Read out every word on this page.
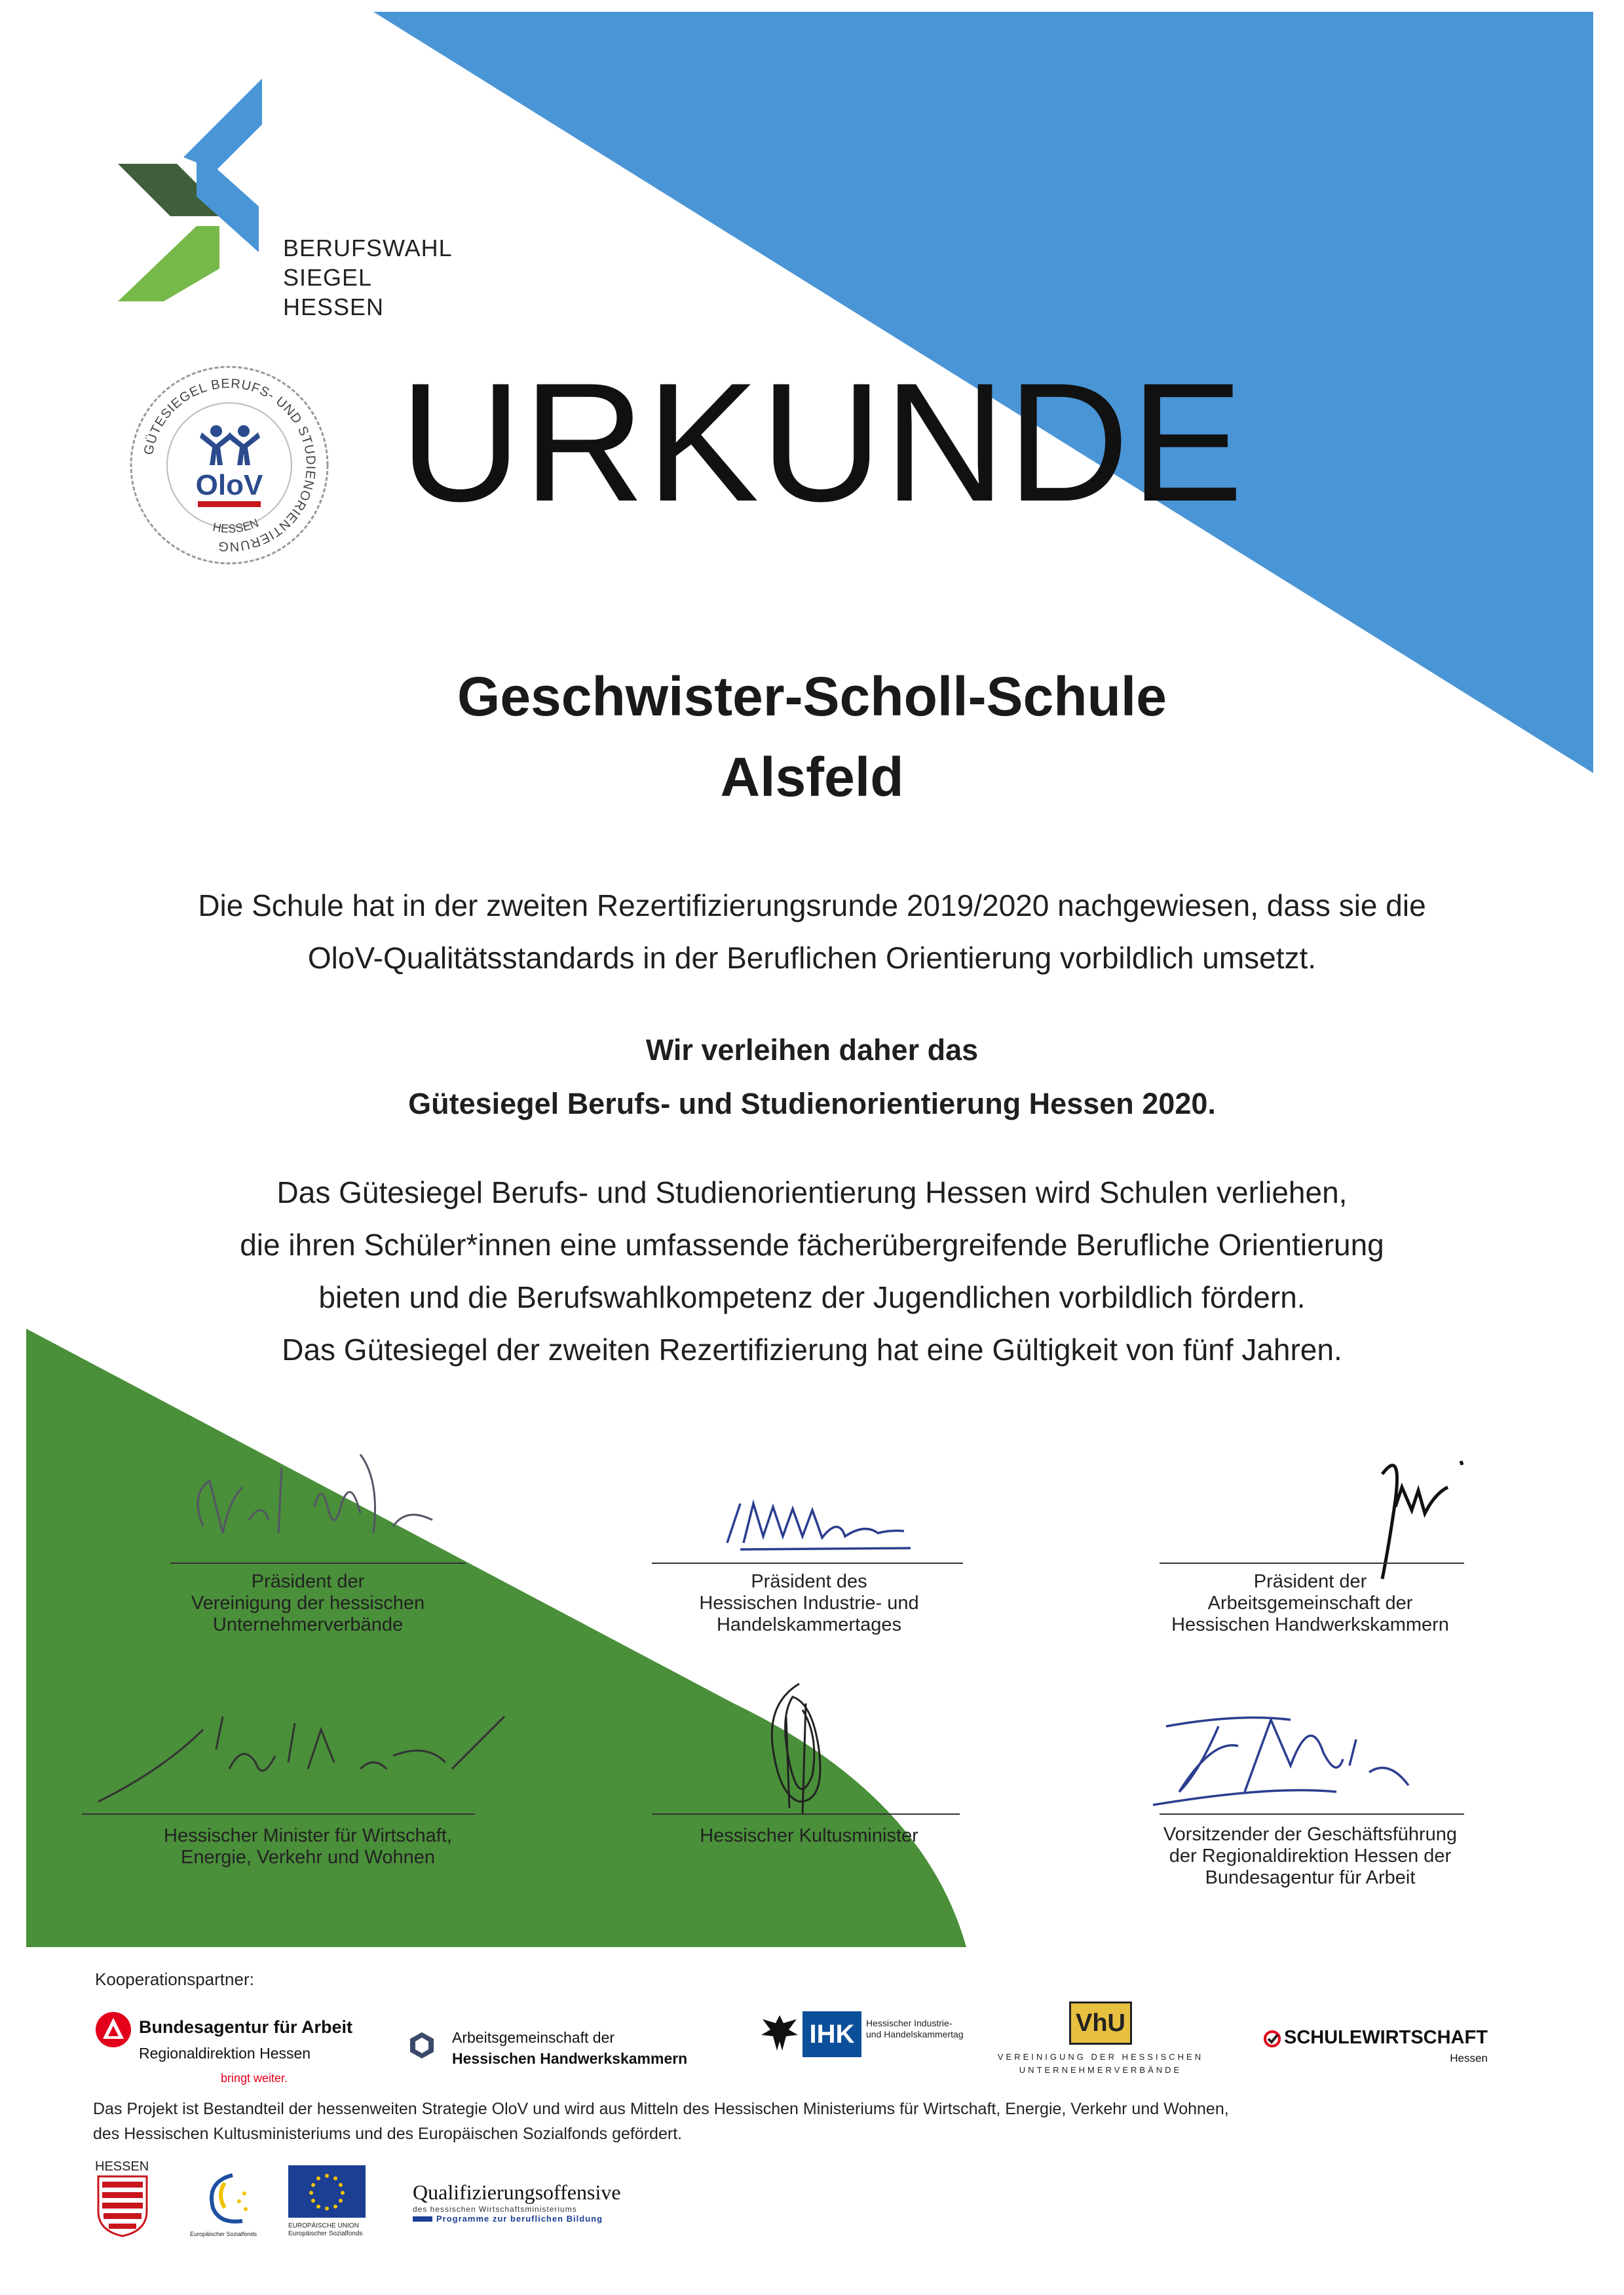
BERUFSWAHL
SIEGEL
HESSEN
GÜTESIEGEL BERUFS- UND STUDIENORIENTIERUNG
HESSEN
OloV URKUNDE
Geschwister-Scholl-Schule
Alsfeld
Die Schule hat in der zweiten Rezertifizierungsrunde 2019/2020 nachgewiesen, dass sie die
OloV-Qualitätsstandards in der Beruflichen Orientierung vorbildlich umsetzt.
Wir verleihen daher das
Gütesiegel Berufs- und Studienorientierung Hessen 2020.
Das Gütesiegel Berufs- und Studienorientierung Hessen wird Schulen verliehen,
die ihren Schüler*innen eine umfassende fächerübergreifende Berufliche Orientierung
bieten und die Berufswahlkompetenz der Jugendlichen vorbildlich fördern.
Das Gütesiegel der zweiten Rezertifizierung hat eine Gültigkeit von fünf Jahren.
Präsident der
Vereinigung der hessischen
Unternehmerverbände
Präsident des
Hessischen Industrie- und
Handelskammertages
Präsident der
Arbeitsgemeinschaft der
Hessischen Handwerkskammern
Hessischer Minister für Wirtschaft,
Energie, Verkehr und Wohnen
Hessischer Kultusminister	Vorsitzender der Geschäftsführung
der Regionaldirektion Hessen der
Bundesagentur für Arbeit
Kooperationspartner:
Bundesagentur für Arbeit
Regionaldirektion Hessen
bringt weiter.
Arbeitsgemeinschaft der
Hessischen Handwerkskammern
IHK	Hessischer Industrie-
und Handelskammertag	VhU
VEREINIGUNG DER HESSISCHEN
UNTERNEHMERVERBÄNDE
SCHULEWIRTSCHAFT
Hessen
Das Projekt ist Bestandteil der hessenweiten Strategie OloV und wird aus Mitteln des Hessischen Ministeriums für Wirtschaft, Energie, Verkehr und Wohnen,
des Hessischen Kultusministeriums und des Europäischen Sozialfonds gefördert.
HESSEN
Europäischer Sozialfonds
EUROPÄISCHE UNION
Europäischer Sozialfonds
Qualifizierungsoffensive
des hessischen Wirtschaftsministeriums
Programme zur beruflichen Bildung
